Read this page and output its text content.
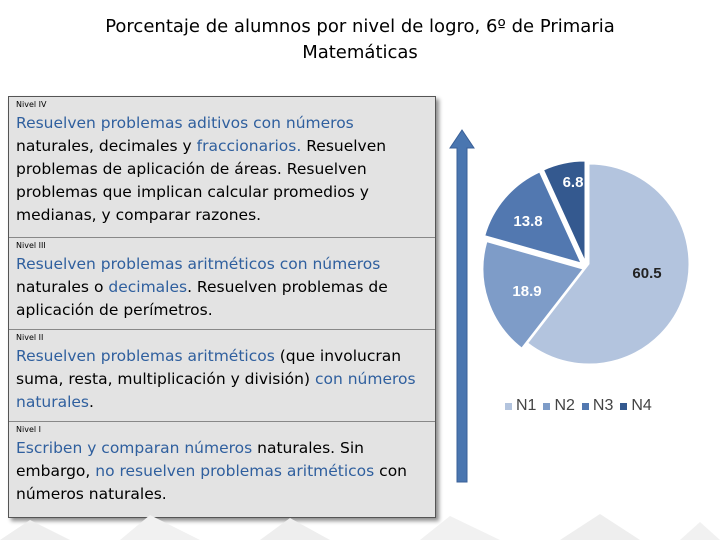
Porcentaje de alumnos por nivel de logro, 6º de Primaria
Matemáticas
Nivel IV
Resuelven problemas aditivos con números naturales, decimales y fraccionarios. Resuelven problemas de aplicación de áreas. Resuelven problemas que implican calcular promedios y medianas, y comparar razones.
Nivel III
Resuelven problemas aritméticos con números naturales o decimales. Resuelven problemas de aplicación de perímetros.
Nivel II
Resuelven problemas aritméticos (que involucran suma, resta, multiplicación y división) con números naturales.
Nivel I
Escriben y comparan números naturales. Sin embargo, no resuelven problemas aritméticos con números naturales.
60.5
18.9
13.8
6.8
N1 N2 N3 N4
